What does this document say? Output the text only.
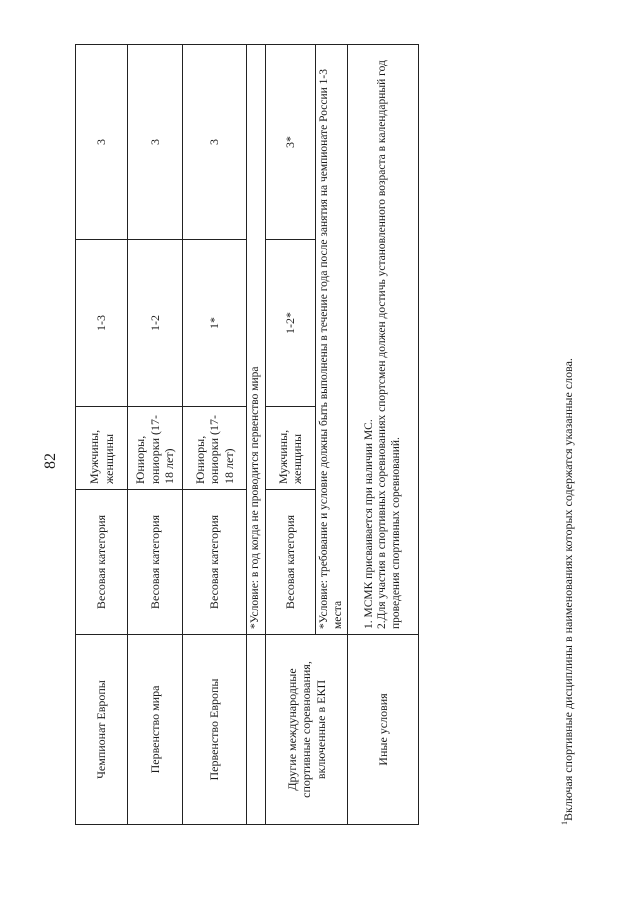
82
Чемпионат Европы	Весовая категория	Мужчины, женщины	1-3	3
Первенство мира	Весовая категория	Юниоры, юниорки (17-18 лет)	1-2	3
Первенство Европы	Весовая категория	Юниоры, юниорки (17-18 лет)	1*	3
	*Условие: в год когда не проводится первенство мира			
Другие международные спортивные соревнования, включенные в ЕКП	Весовая категория	Мужчины, женщины	1-2*	3*
	*Условие: требование и условие должны быть выполнены в течение года после занятия на чемпионате России 1-3 места			
Иные условия	1. МСМК присваивается при наличии МС. 2.Для участия в спортивных соревнованиях спортсмен должен достичь установленного возраста в календарный год проведения спортивных соревнований.			
$^1$Включая спортивные дисциплины в наименованиях которых содержатся указанные слова.
